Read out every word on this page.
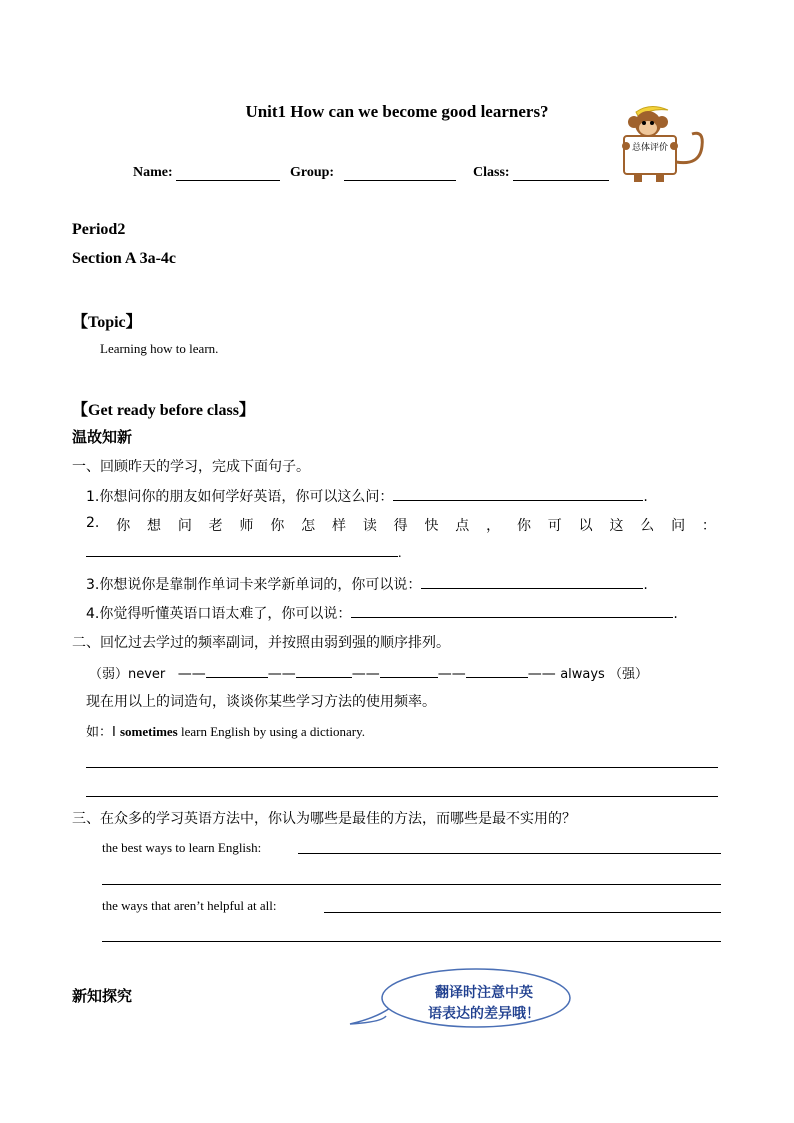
Unit1 How can we become good learners?
总体评价
Name:	Group:	Class:
Period2
Section A 3a-4c
【Topic】
Learning how to learn.
【Get ready before class】
温故知新
一、回顾昨天的学习，完成下面句子。
1.你想问你的朋友如何学好英语，你可以这么问：	.
2. 你 想 问 老 师 你 怎 样 读 得 快 点 ， 你 可 以 这 么 问 ：
.
3.你想说你是靠制作单词卡来学新单词的，你可以说：	.
4.你觉得听懂英语口语太难了，你可以说：	.
二、回忆过去学过的频率副词，并按照由弱到强的顺序排列。
（弱）never ——	——	——	——	—— always （强）
现在用以上的词造句，谈谈你某些学习方法的使用频率。
如：I sometimes learn English by using a dictionary.
三、在众多的学习英语方法中，你认为哪些是最佳的方法，而哪些是最不实用的？
the best ways to learn English:
the ways that aren’t helpful at all:
新知探究	翻译时注意中英
语表达的差异哦！
